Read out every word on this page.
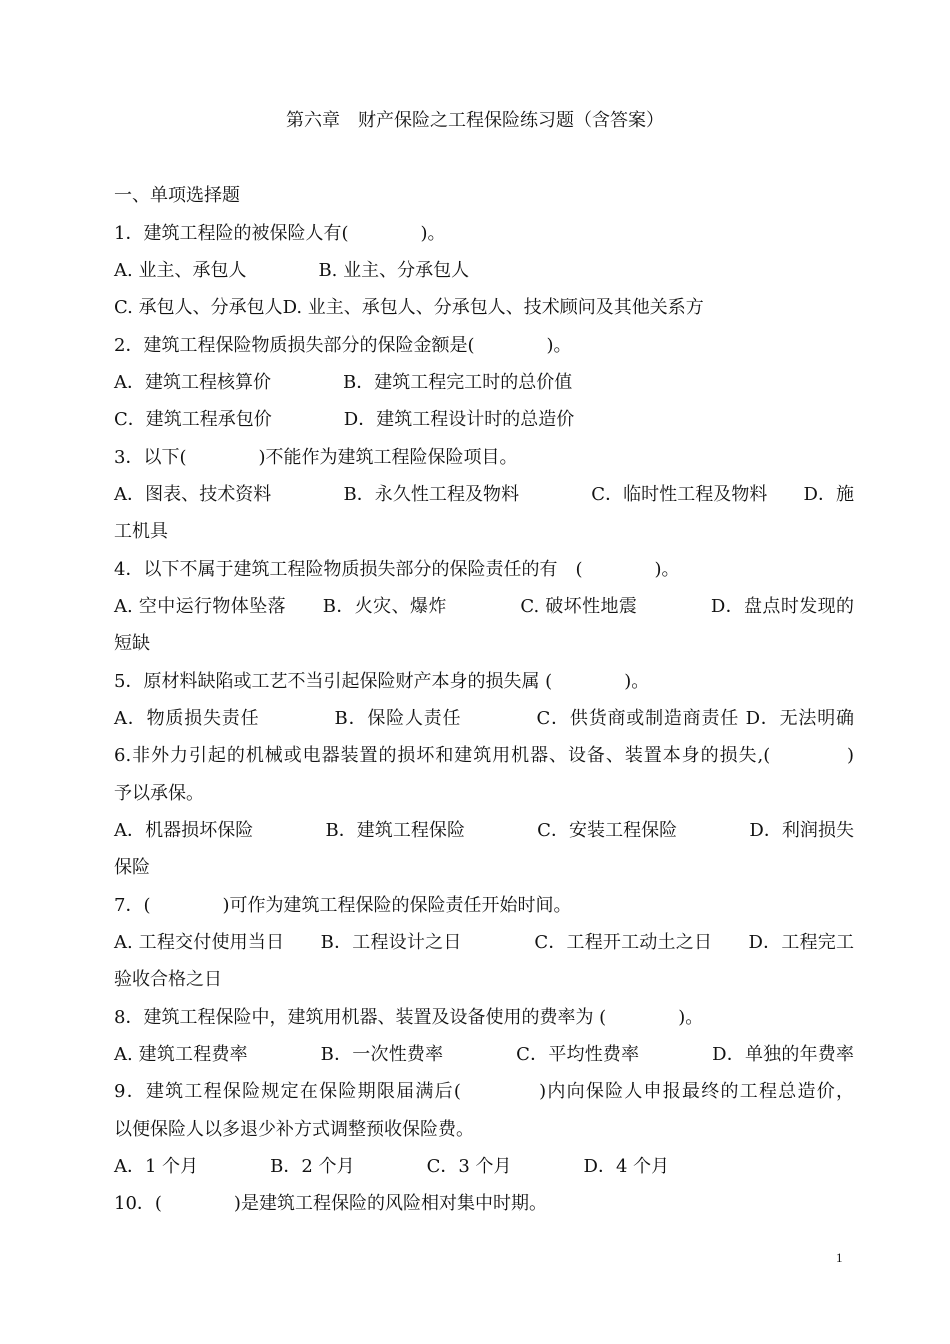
第六章　财产保险之工程保险练习题（含答案）
一、单项选择题
1．建筑工程险的被保险人有(　　　　)。
A. 业主、承包人　　　　B. 业主、分承包人
C. 承包人、分承包人D. 业主、承包人、分承包人、技术顾问及其他关系方
2．建筑工程保险物质损失部分的保险金额是(　　　　)。
A．建筑工程核算价　　　　B．建筑工程完工时的总价值
C．建筑工程承包价　　　　D．建筑工程设计时的总造价
3．以下(　　　　)不能作为建筑工程险保险项目。
A．图表、技术资料　　　　B．永久性工程及物料　　　　C．临时性工程及物料　　D．施
工机具
4．以下不属于建筑工程险物质损失部分的保险责任的有　(　　　　)。
A. 空中运行物体坠落　　B．火灾、爆炸　　　　C. 破坏性地震　　　　D．盘点时发现的
短缺
5．原材料缺陷或工艺不当引起保险财产本身的损失属 (　　　　)。
A．物质损失责任　　　　B．保险人责任　　　　C．供货商或制造商责任 D．无法明确
6.非外力引起的机械或电器装置的损坏和建筑用机器、设备、装置本身的损失,(　　　　)
予以承保。
A．机器损坏保险　　　　B．建筑工程保险　　　　C．安装工程保险　　　　D．利润损失
保险
7．(　　　　)可作为建筑工程保险的保险责任开始时间。
A. 工程交付使用当日　　B．工程设计之日　　　　C．工程开工动土之日　　D．工程完工
验收合格之日
8．建筑工程保险中，建筑用机器、装置及设备使用的费率为 (　　　　)。
A. 建筑工程费率　　　　B．一次性费率　　　　C．平均性费率　　　　D．单独的年费率
9．建筑工程保险规定在保险期限届满后(　　　　)内向保险人申报最终的工程总造价，
以便保险人以多退少补方式调整预收保险费。
A．1 个月　　　　B．2 个月　　　　C．3 个月　　　　D．4 个月
10．(　　　　)是建筑工程保险的风险相对集中时期。
1
